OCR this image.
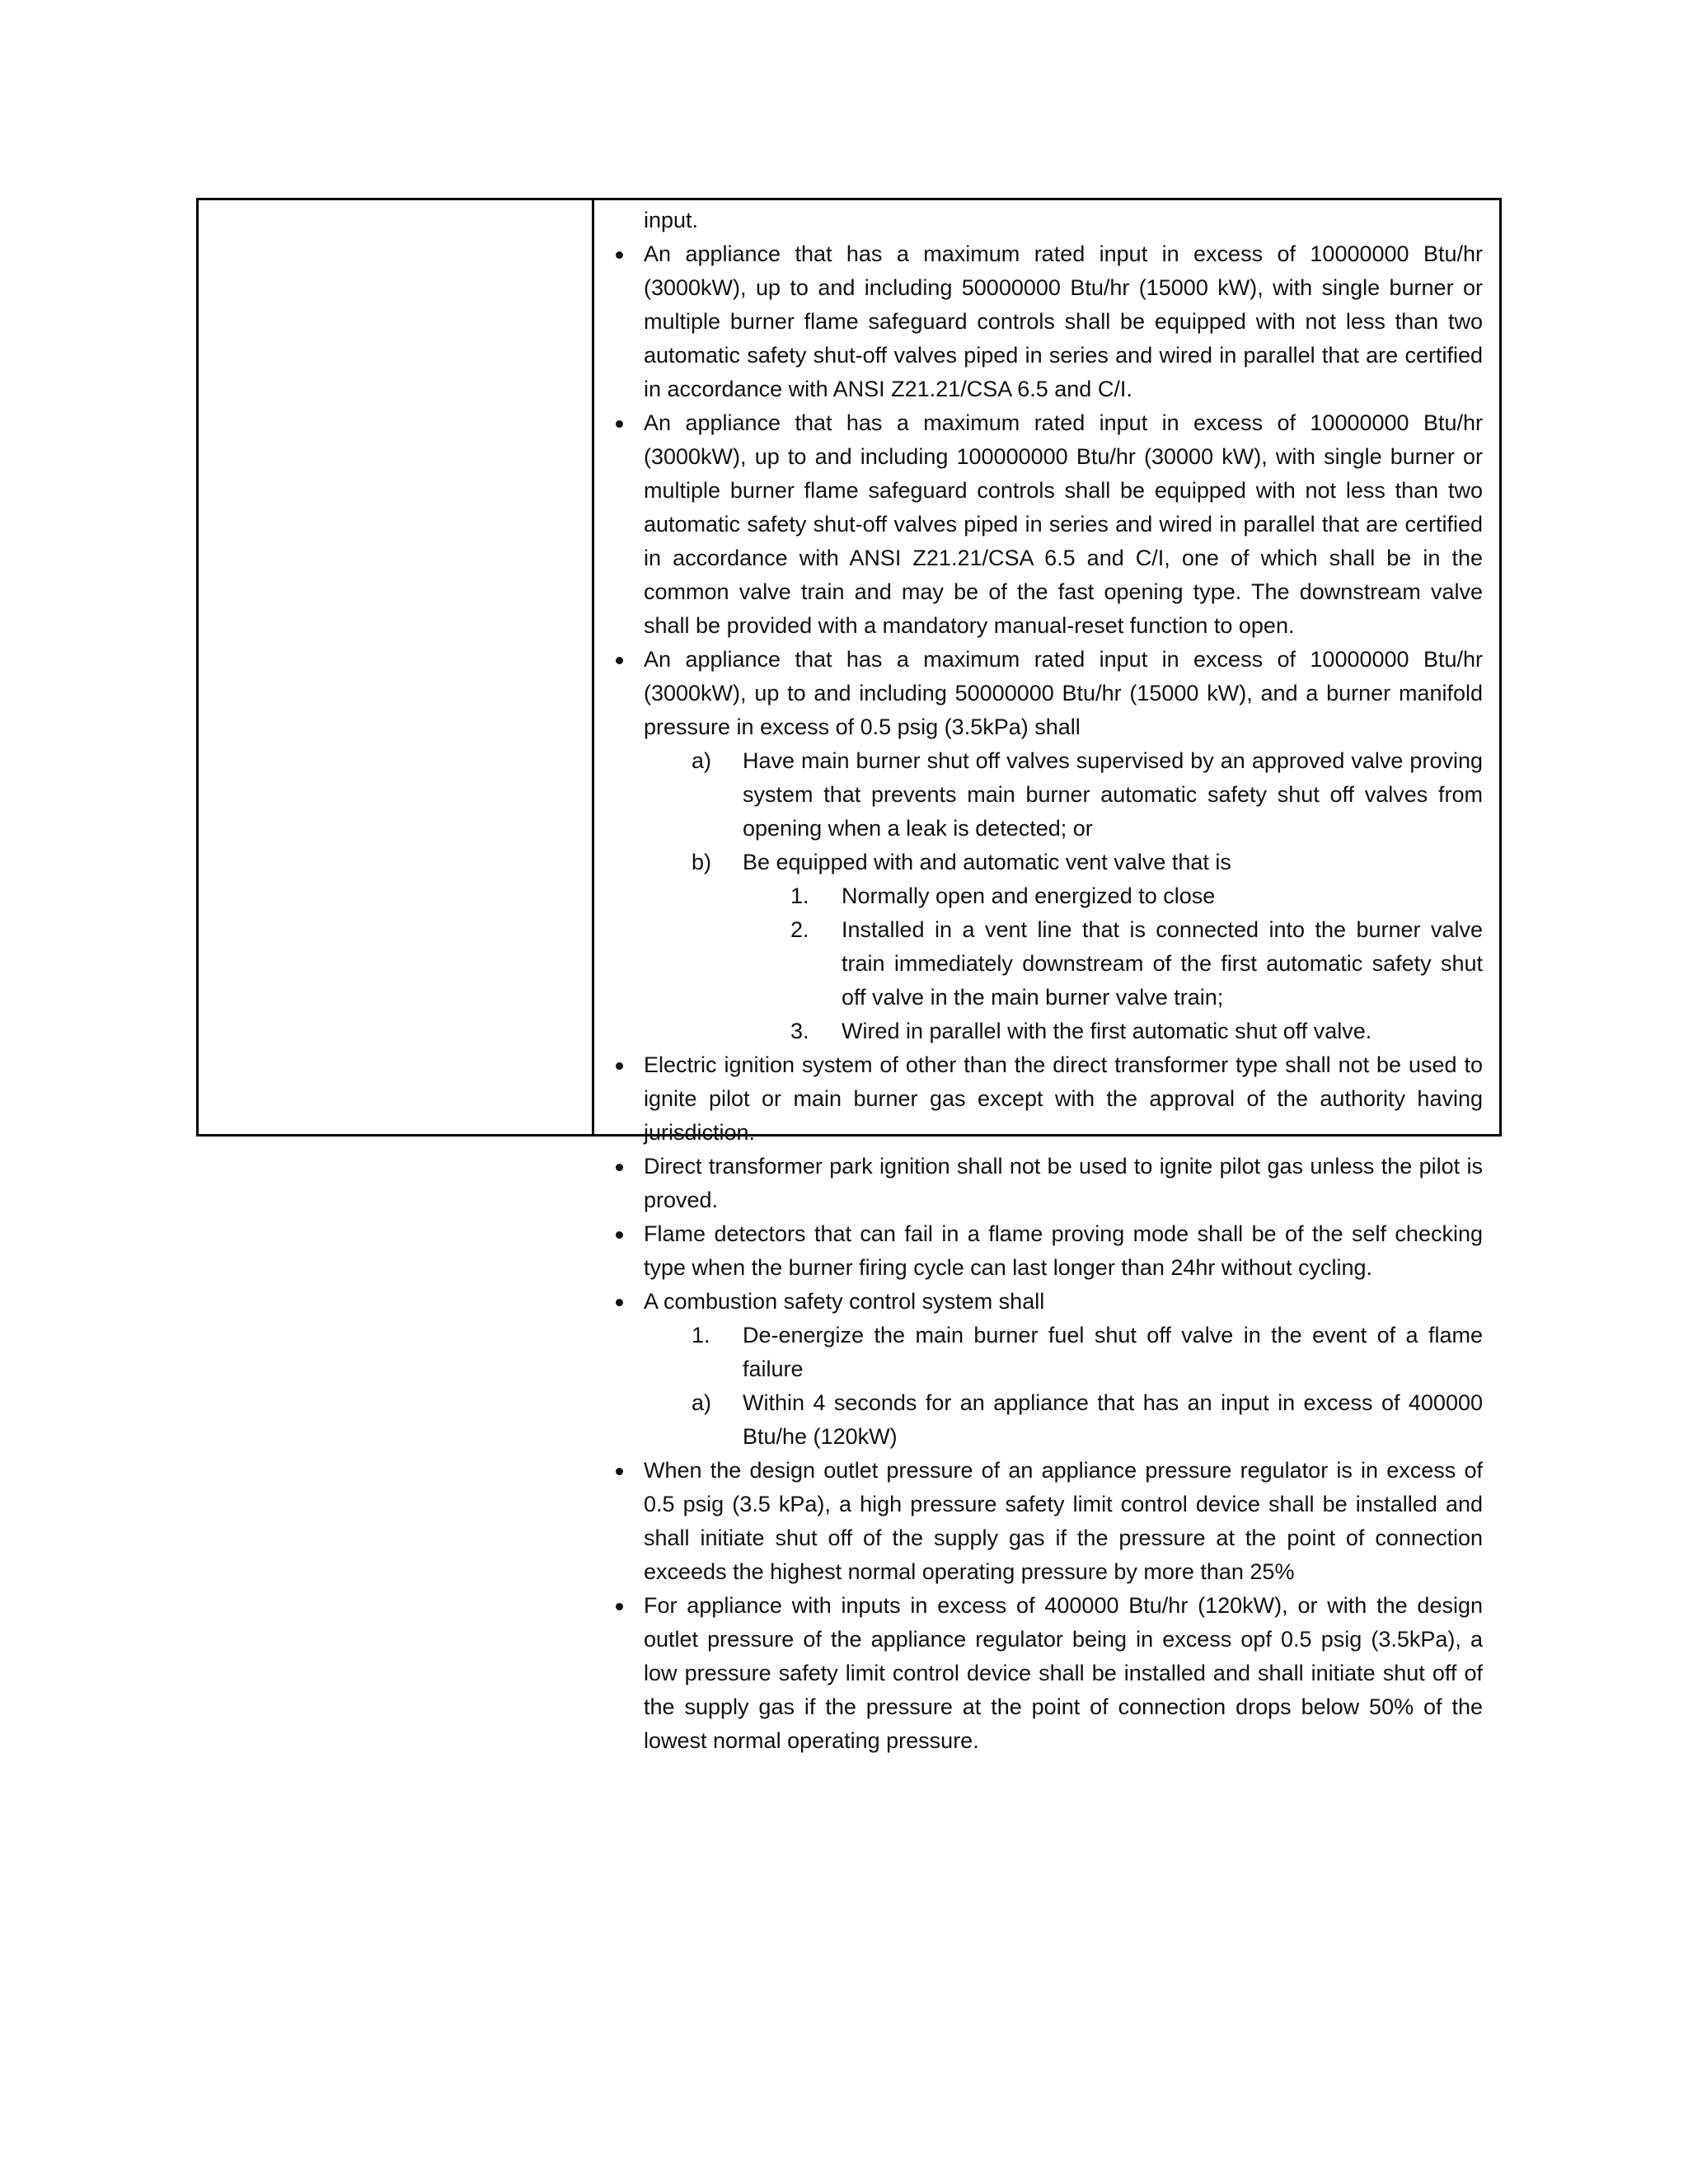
input.
An appliance that has a maximum rated input in excess of 10000000 Btu/hr (3000kW), up to and including 50000000 Btu/hr (15000 kW), with single burner or multiple burner flame safeguard controls shall be equipped with not less than two automatic safety shut-off valves piped in series and wired in parallel that are certified in accordance with ANSI Z21.21/CSA 6.5 and C/I.
An appliance that has a maximum rated input in excess of 10000000 Btu/hr (3000kW), up to and including 100000000 Btu/hr (30000 kW), with single burner or multiple burner flame safeguard controls shall be equipped with not less than two automatic safety shut-off valves piped in series and wired in parallel that are certified in accordance with ANSI Z21.21/CSA 6.5 and C/I, one of which shall be in the common valve train and may be of the fast opening type. The downstream valve shall be provided with a mandatory manual-reset function to open.
An appliance that has a maximum rated input in excess of 10000000 Btu/hr (3000kW), up to and including 50000000 Btu/hr (15000 kW), and a burner manifold pressure in excess of 0.5 psig (3.5kPa) shall
a) Have main burner shut off valves supervised by an approved valve proving system that prevents main burner automatic safety shut off valves from opening when a leak is detected; or
b) Be equipped with and automatic vent valve that is
1. Normally open and energized to close
2. Installed in a vent line that is connected into the burner valve train immediately downstream of the first automatic safety shut off valve in the main burner valve train;
3. Wired in parallel with the first automatic shut off valve.
Electric ignition system of other than the direct transformer type shall not be used to ignite pilot or main burner gas except with the approval of the authority having jurisdiction.
Direct transformer park ignition shall not be used to ignite pilot gas unless the pilot is proved.
Flame detectors that can fail in a flame proving mode shall be of the self checking type when the burner firing cycle can last longer than 24hr without cycling.
A combustion safety control system shall
1. De-energize the main burner fuel shut off valve in the event of a flame failure
a) Within 4 seconds for an appliance that has an input in excess of 400000 Btu/he (120kW)
When the design outlet pressure of an appliance pressure regulator is in excess of 0.5 psig (3.5 kPa), a high pressure safety limit control device shall be installed and shall initiate shut off of the supply gas if the pressure at the point of connection exceeds the highest normal operating pressure by more than 25%
For appliance with inputs in excess of 400000 Btu/hr (120kW), or with the design outlet pressure of the appliance regulator being in excess opf 0.5 psig (3.5kPa), a low pressure safety limit control device shall be installed and shall initiate shut off of the supply gas if the pressure at the point of connection drops below 50% of the lowest normal operating pressure.
